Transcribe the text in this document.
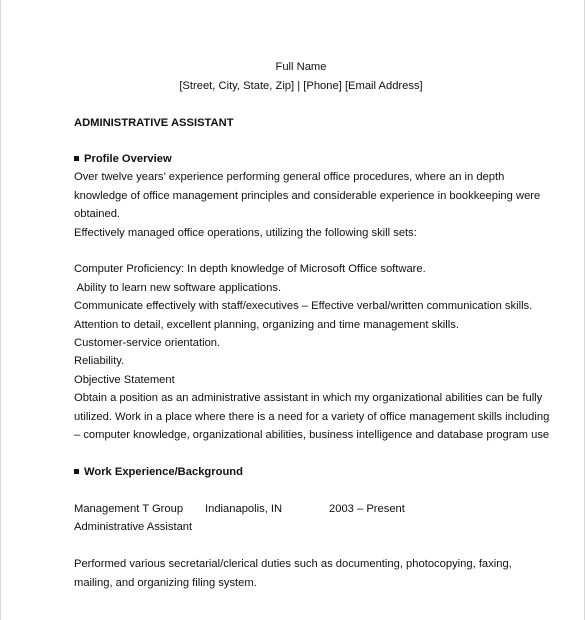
Full Name
[Street, City, State, Zip] | [Phone] [Email Address]
ADMINISTRATIVE ASSISTANT
Profile Overview
Over twelve years’ experience performing general office procedures, where an in depth
knowledge of office management principles and considerable experience in bookkeeping were
obtained.
Effectively managed office operations, utilizing the following skill sets:
Computer Proficiency: In depth knowledge of Microsoft Office software.
Ability to learn new software applications.
Communicate effectively with staff/executives – Effective verbal/written communication skills.
Attention to detail, excellent planning, organizing and time management skills.
Customer-service orientation.
Reliability.
Objective Statement
Obtain a position as an administrative assistant in which my organizational abilities can be fully
utilized. Work in a place where there is a need for a variety of office management skills including
– computer knowledge, organizational abilities, business intelligence and database program use
Work Experience/Background
Management T Group Indianapolis, IN	2003 – Present
Administrative Assistant
Performed various secretarial/clerical duties such as documenting, photocopying, faxing,
mailing, and organizing filing system.
